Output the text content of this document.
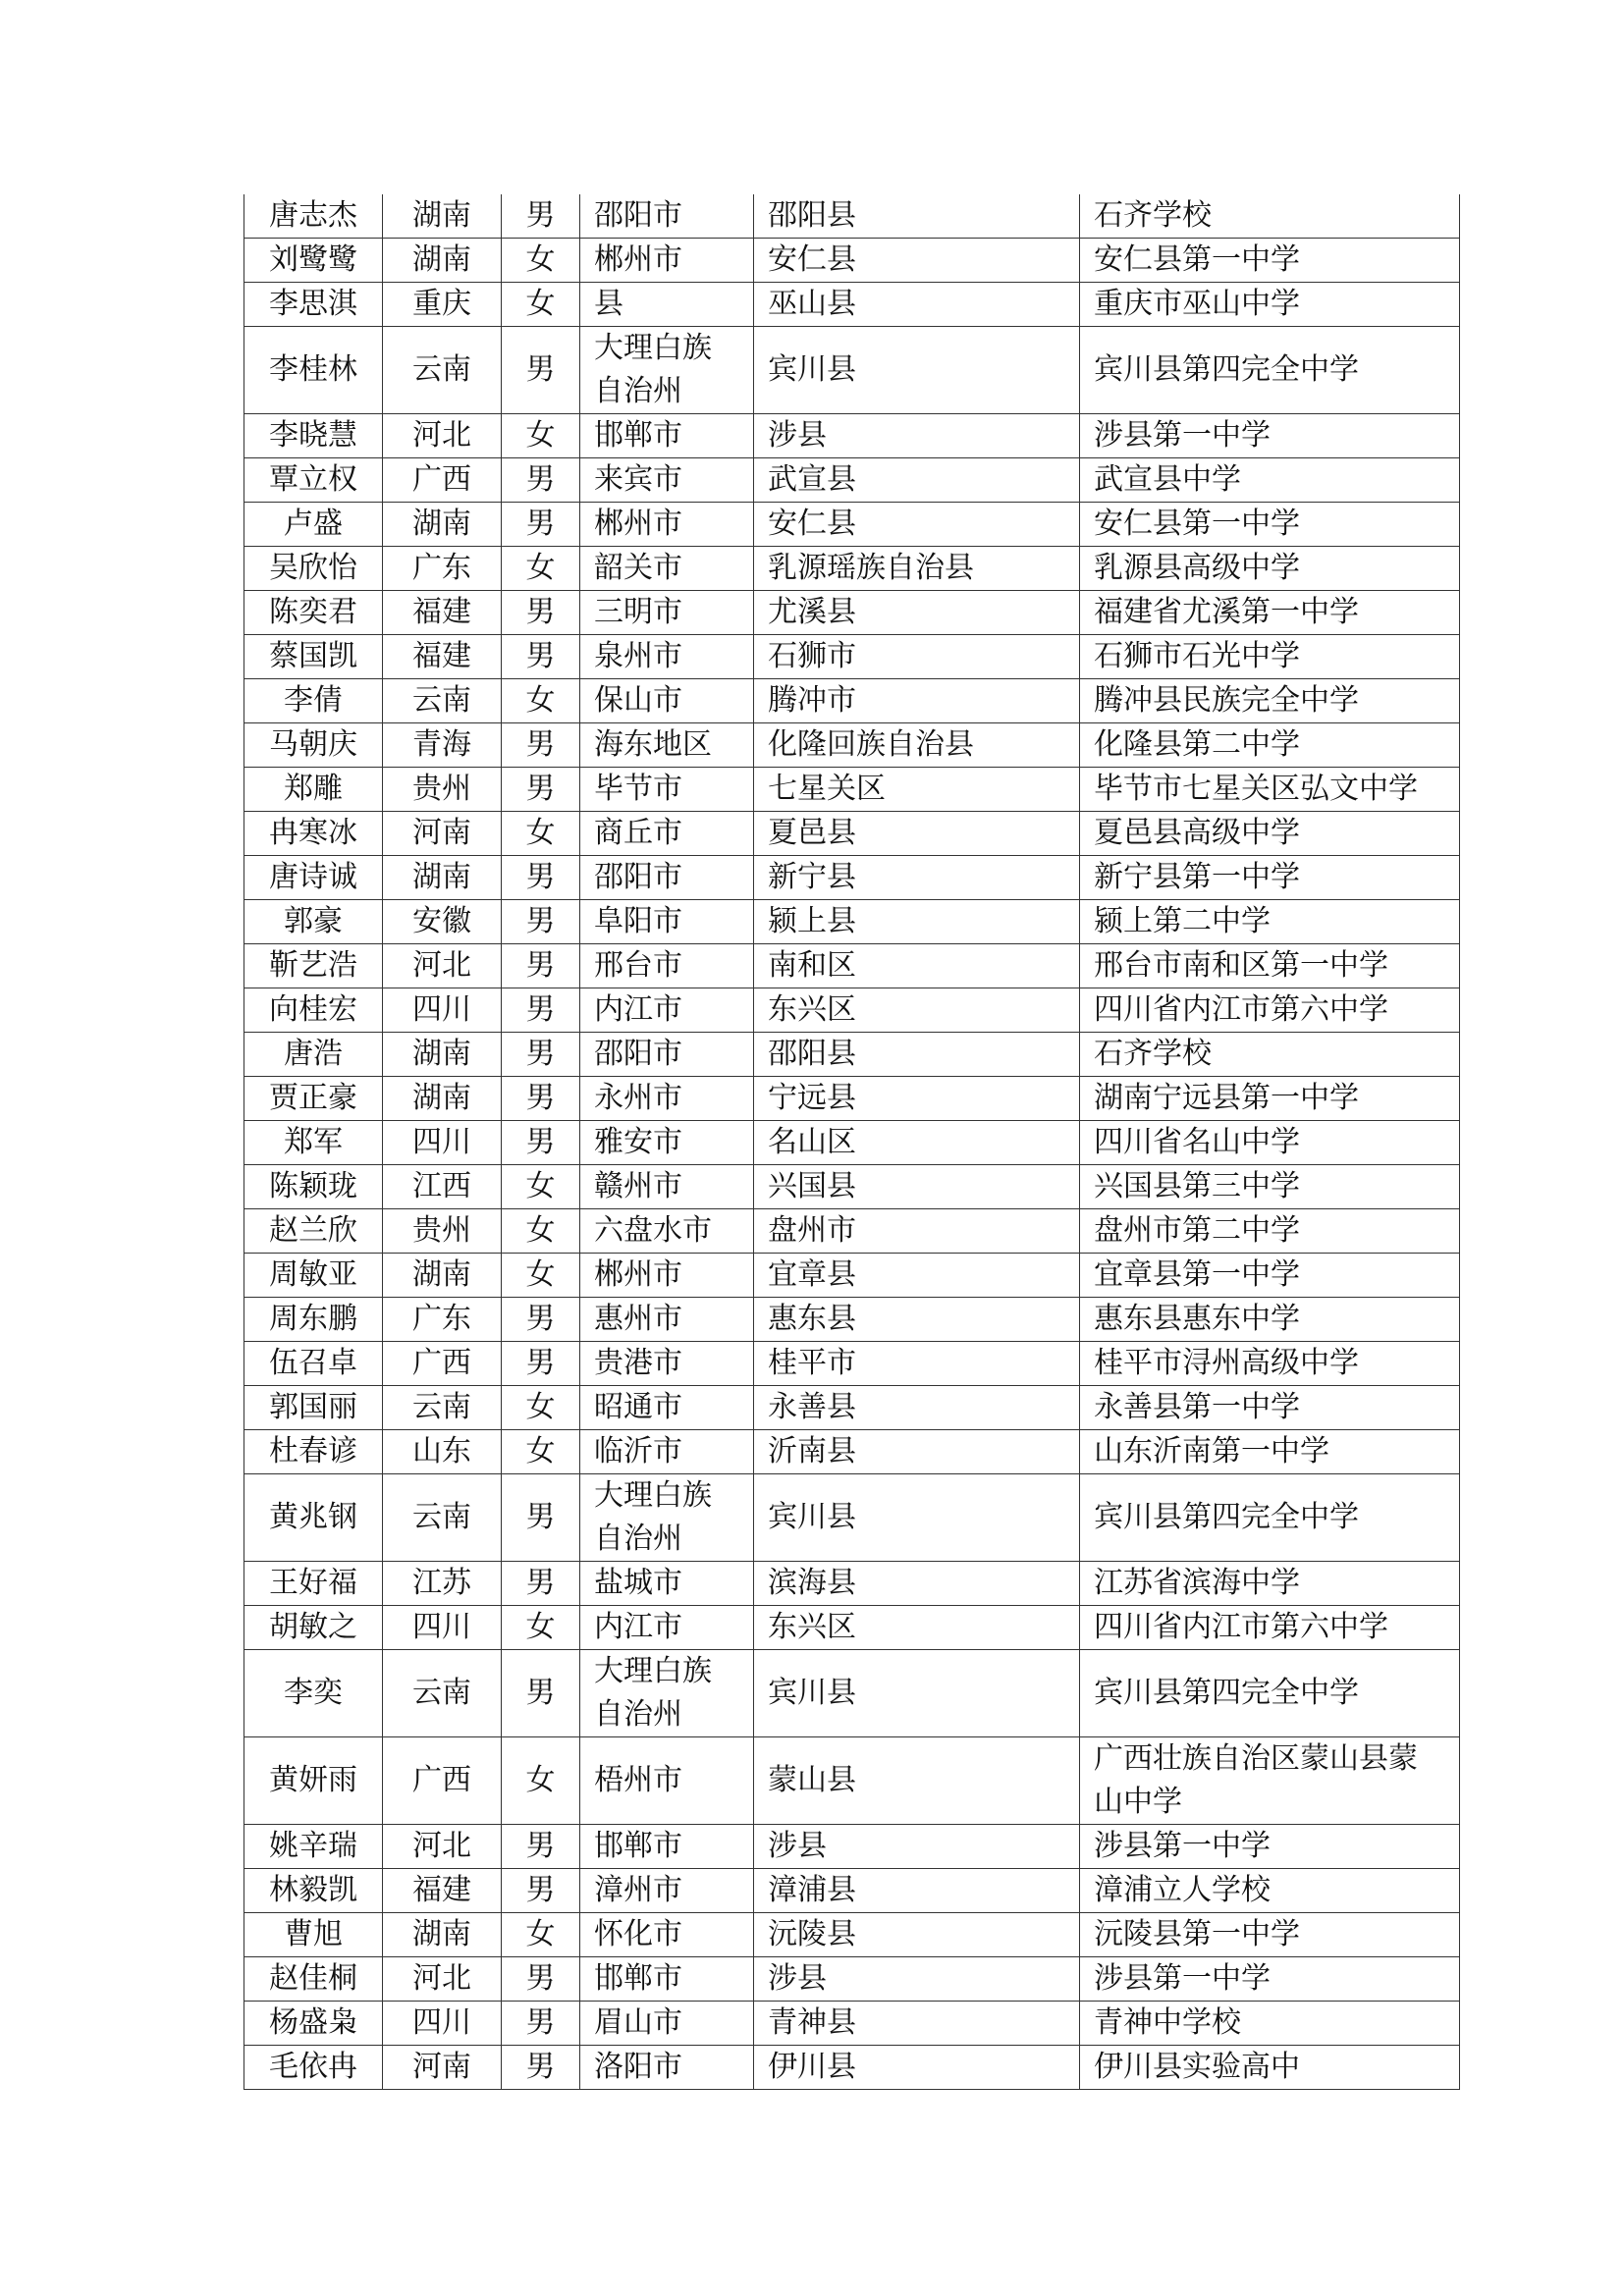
唐志杰	湖南	男	邵阳市	邵阳县	石齐学校
刘鹭鹭	湖南	女	郴州市	安仁县	安仁县第一中学
李思淇	重庆	女	县	巫山县	重庆市巫山中学
李桂林	云南	男	大理白族自治州	宾川县	宾川县第四完全中学
李晓慧	河北	女	邯郸市	涉县	涉县第一中学
覃立权	广西	男	来宾市	武宣县	武宣县中学
卢盛	湖南	男	郴州市	安仁县	安仁县第一中学
吴欣怡	广东	女	韶关市	乳源瑶族自治县	乳源县高级中学
陈奕君	福建	男	三明市	尤溪县	福建省尤溪第一中学
蔡国凯	福建	男	泉州市	石狮市	石狮市石光中学
李倩	云南	女	保山市	腾冲市	腾冲县民族完全中学
马朝庆	青海	男	海东地区	化隆回族自治县	化隆县第二中学
郑雕	贵州	男	毕节市	七星关区	毕节市七星关区弘文中学
冉寒冰	河南	女	商丘市	夏邑县	夏邑县高级中学
唐诗诚	湖南	男	邵阳市	新宁县	新宁县第一中学
郭豪	安徽	男	阜阳市	颍上县	颍上第二中学
靳艺浩	河北	男	邢台市	南和区	邢台市南和区第一中学
向桂宏	四川	男	内江市	东兴区	四川省内江市第六中学
唐浩	湖南	男	邵阳市	邵阳县	石齐学校
贾正豪	湖南	男	永州市	宁远县	湖南宁远县第一中学
郑军	四川	男	雅安市	名山区	四川省名山中学
陈颖珑	江西	女	赣州市	兴国县	兴国县第三中学
赵兰欣	贵州	女	六盘水市	盘州市	盘州市第二中学
周敏亚	湖南	女	郴州市	宜章县	宜章县第一中学
周东鹏	广东	男	惠州市	惠东县	惠东县惠东中学
伍召卓	广西	男	贵港市	桂平市	桂平市浔州高级中学
郭国丽	云南	女	昭通市	永善县	永善县第一中学
杜春谚	山东	女	临沂市	沂南县	山东沂南第一中学
黄兆钢	云南	男	大理白族自治州	宾川县	宾川县第四完全中学
王好福	江苏	男	盐城市	滨海县	江苏省滨海中学
胡敏之	四川	女	内江市	东兴区	四川省内江市第六中学
李奕	云南	男	大理白族自治州	宾川县	宾川县第四完全中学
黄妍雨	广西	女	梧州市	蒙山县	广西壮族自治区蒙山县蒙山中学
姚辛瑞	河北	男	邯郸市	涉县	涉县第一中学
林毅凯	福建	男	漳州市	漳浦县	漳浦立人学校
曹旭	湖南	女	怀化市	沅陵县	沅陵县第一中学
赵佳桐	河北	男	邯郸市	涉县	涉县第一中学
杨盛枭	四川	男	眉山市	青神县	青神中学校
毛依冉	河南	男	洛阳市	伊川县	伊川县实验高中
